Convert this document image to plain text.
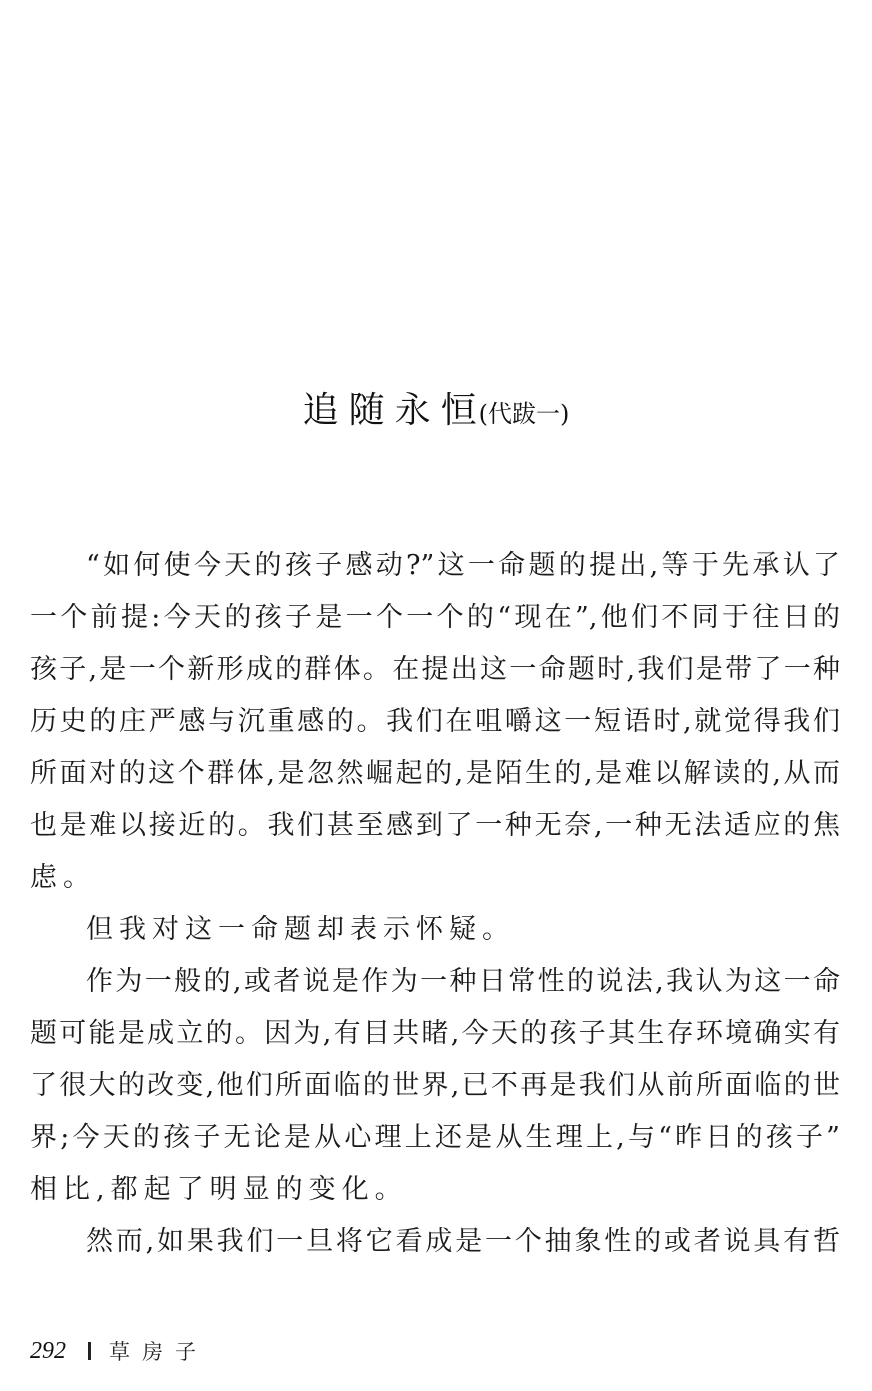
追随永恒(代跋一)
“如何使今天的孩子感动?”这一命题的提出,等于先承认了
一个前提:今天的孩子是一个一个的“现在”,他们不同于往日的
孩子,是一个新形成的群体。在提出这一命题时,我们是带了一种
历史的庄严感与沉重感的。我们在咀嚼这一短语时,就觉得我们
所面对的这个群体,是忽然崛起的,是陌生的,是难以解读的,从而
也是难以接近的。我们甚至感到了一种无奈,一种无法适应的焦
虑。
但我对这一命题却表示怀疑。
作为一般的,或者说是作为一种日常性的说法,我认为这一命
题可能是成立的。因为,有目共睹,今天的孩子其生存环境确实有
了很大的改变,他们所面临的世界,已不再是我们从前所面临的世
界;今天的孩子无论是从心理上还是从生理上,与“昨日的孩子”
相比,都起了明显的变化。
然而,如果我们一旦将它看成是一个抽象性的或者说具有哲
292 草房子
